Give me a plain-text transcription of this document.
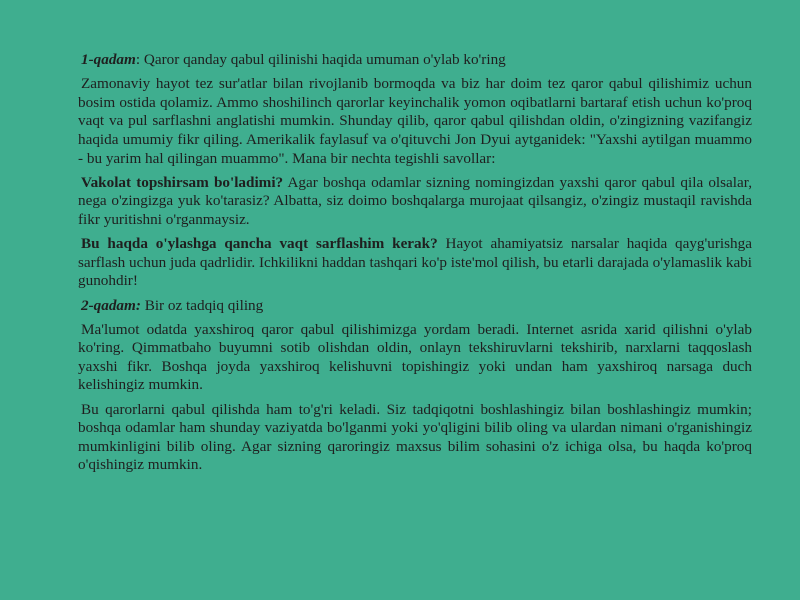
1-qadam: Qaror qanday qabul qilinishi haqida umuman o'ylab ko'ring

Zamonaviy hayot tez sur'atlar bilan rivojlanib bormoqda va biz har doim tez qaror qabul qilishimiz uchun bosim ostida qolamiz. Ammo shoshilinch qarorlar keyinchalik yomon oqibatlarni bartaraf etish uchun ko'proq vaqt va pul sarflashni anglatishi mumkin. Shunday qilib, qaror qabul qilishdan oldin, o'zingizning vazifangiz haqida umumiy fikr qiling. Amerikalik faylasuf va o'qituvchi Jon Dyui aytganidek: "Yaxshi aytilgan muammo - bu yarim hal qilingan muammo". Mana bir nechta tegishli savollar:

Vakolat topshirsam bo'ladimi? Agar boshqa odamlar sizning nomingizdan yaxshi qaror qabul qila olsalar, nega o'zingizga yuk ko'tarasiz? Albatta, siz doimo boshqalarga murojaat qilsangiz, o'zingiz mustaqil ravishda fikr yuritishni o'rganmaysiz.

Bu haqda o'ylashga qancha vaqt sarflashim kerak? Hayot ahamiyatsiz narsalar haqida qayg'urishga sarflash uchun juda qadrlidir. Ichkilikni haddan tashqari ko'p iste'mol qilish, bu etarli darajada o'ylamaslik kabi gunohdir!

2-qadam: Bir oz tadqiq qiling

Ma'lumot odatda yaxshiroq qaror qabul qilishimizga yordam beradi. Internet asrida xarid qilishni o'ylab ko'ring. Qimmatbaho buyumni sotib olishdan oldin, onlayn tekshiruvlarni tekshirib, narxlarni taqqoslash yaxshi fikr. Boshqa joyda yaxshiroq kelishuvni topishingiz yoki undan ham yaxshiroq narsaga duch kelishingiz mumkin.

Bu qarorlarni qabul qilishda ham to'g'ri keladi. Siz tadqiqotni boshlashingiz bilan boshlashingiz mumkin; boshqa odamlar ham shunday vaziyatda bo'lganmi yoki yo'qligini bilib oling va ulardan nimani o'rganishingiz mumkinligini bilib oling. Agar sizning qaroringiz maxsus bilim sohasini o'z ichiga olsa, bu haqda ko'proq o'qishingiz mumkin.
